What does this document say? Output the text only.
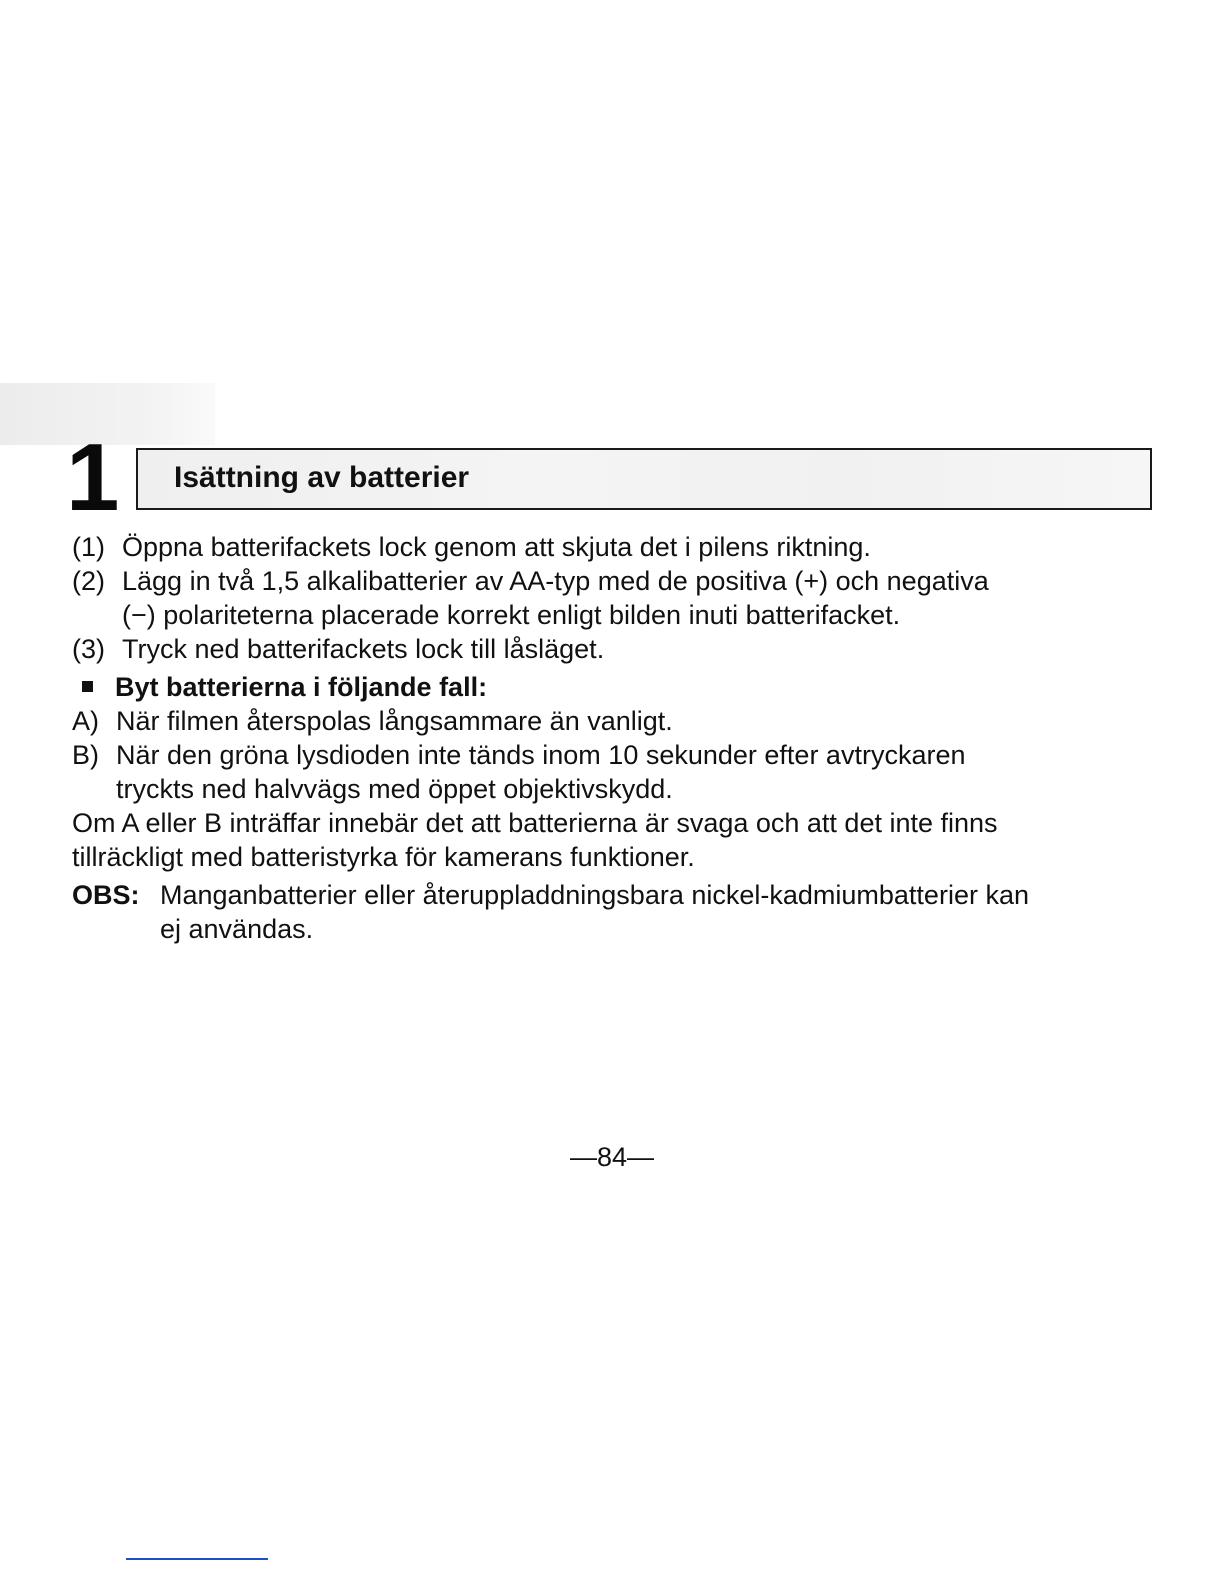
1 Isättning av batterier
(1) Öppna batterifackets lock genom att skjuta det i pilens riktning.
(2) Lägg in två 1,5 alkalibatterier av AA-typ med de positiva (+) och negativa
(−) polariteterna placerade korrekt enligt bilden inuti batterifacket.
(3) Tryck ned batterifackets lock till låsläget.
Byt batterierna i följande fall:
A) När filmen återspolas långsammare än vanligt.
B) När den gröna lysdioden inte tänds inom 10 sekunder efter avtryckaren
tryckts ned halvvägs med öppet objektivskydd.
Om A eller B inträffar innebär det att batterierna är svaga och att det inte finns
tillräckligt med batteristyrka för kamerans funktioner.
OBS: Manganbatterier eller återuppladdningsbara nickel-kadmiumbatterier kan
ej användas.
—84—
